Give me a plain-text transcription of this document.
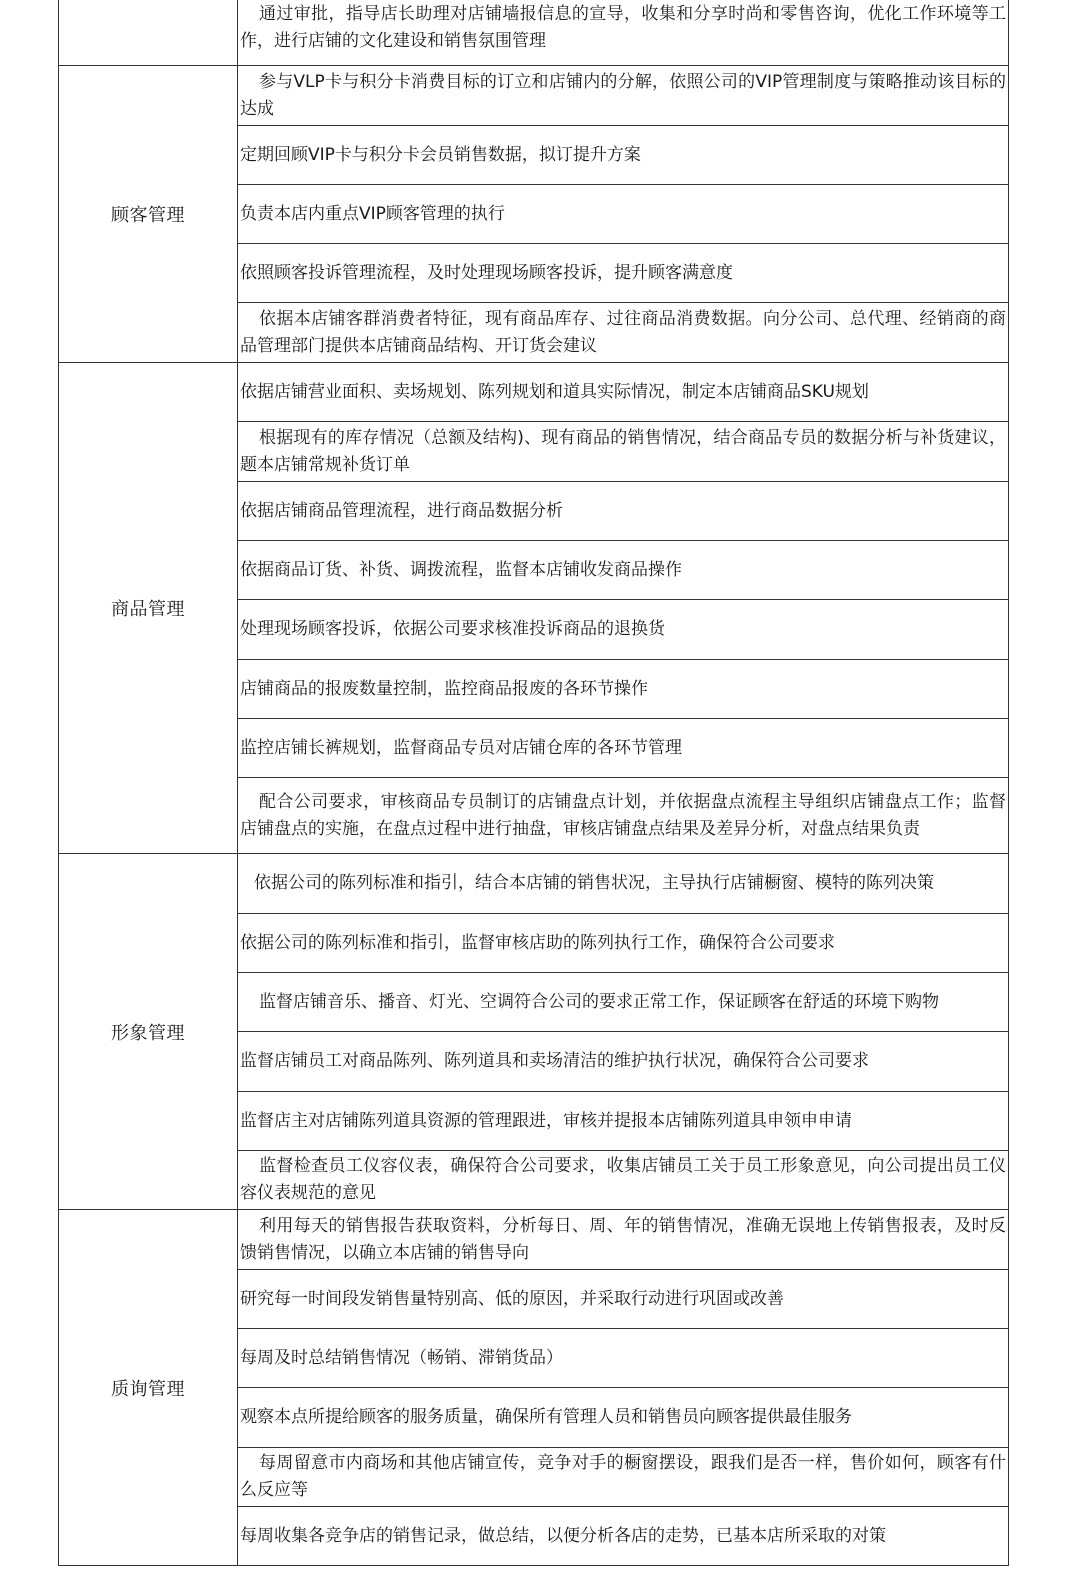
	通过审批，指导店长助理对店铺墙报信息的宣导，收集和分享时尚和零售咨询，优化工作环境等工作，进行店铺的文化建设和销售氛围管理
顾客管理	参与VLP卡与积分卡消费目标的订立和店铺内的分解，依照公司的VIP管理制度与策略推动该目标的达成
	定期回顾VIP卡与积分卡会员销售数据，拟订提升方案
	负责本店内重点VIP顾客管理的执行
	依照顾客投诉管理流程，及时处理现场顾客投诉，提升顾客满意度
	依据本店铺客群消费者特征，现有商品库存、过往商品消费数据。向分公司、总代理、经销商的商品管理部门提供本店铺商品结构、开订货会建议
商品管理	依据店铺营业面积、卖场规划、陈列规划和道具实际情况，制定本店铺商品SKU规划
	根据现有的库存情况（总额及结构)、现有商品的销售情况，结合商品专员的数据分析与补货建议，题本店铺常规补货订单
	依据店铺商品管理流程，进行商品数据分析
	依据商品订货、补货、调拨流程，监督本店铺收发商品操作
	处理现场顾客投诉，依据公司要求核准投诉商品的退换货
	店铺商品的报废数量控制，监控商品报废的各环节操作
	监控店铺长裤规划，监督商品专员对店铺仓库的各环节管理
	配合公司要求，审核商品专员制订的店铺盘点计划，并依据盘点流程主导组织店铺盘点工作；监督店铺盘点的实施，在盘点过程中进行抽盘，审核店铺盘点结果及差异分析，对盘点结果负责
形象管理	依据公司的陈列标准和指引，结合本店铺的销售状况，主导执行店铺橱窗、模特的陈列决策
	依据公司的陈列标准和指引，监督审核店助的陈列执行工作，确保符合公司要求
	监督店铺音乐、播音、灯光、空调符合公司的要求正常工作，保证顾客在舒适的环境下购物
	监督店铺员工对商品陈列、陈列道具和卖场清洁的维护执行状况，确保符合公司要求
	监督店主对店铺陈列道具资源的管理跟进，审核并提报本店铺陈列道具申领申申请
	监督检查员工仪容仪表，确保符合公司要求，收集店铺员工关于员工形象意见，向公司提出员工仪容仪表规范的意见
质询管理	利用每天的销售报告获取资料，分析每日、周、年的销售情况，准确无误地上传销售报表，及时反馈销售情况，以确立本店铺的销售导向
	研究每一时间段发销售量特别高、低的原因，并采取行动进行巩固或改善
	每周及时总结销售情况（畅销、滞销货品）
	观察本点所提给顾客的服务质量，确保所有管理人员和销售员向顾客提供最佳服务
	每周留意市内商场和其他店铺宣传，竞争对手的橱窗摆设，跟我们是否一样，售价如何，顾客有什么反应等
	每周收集各竞争店的销售记录，做总结，以便分析各店的走势，已基本店所采取的对策
